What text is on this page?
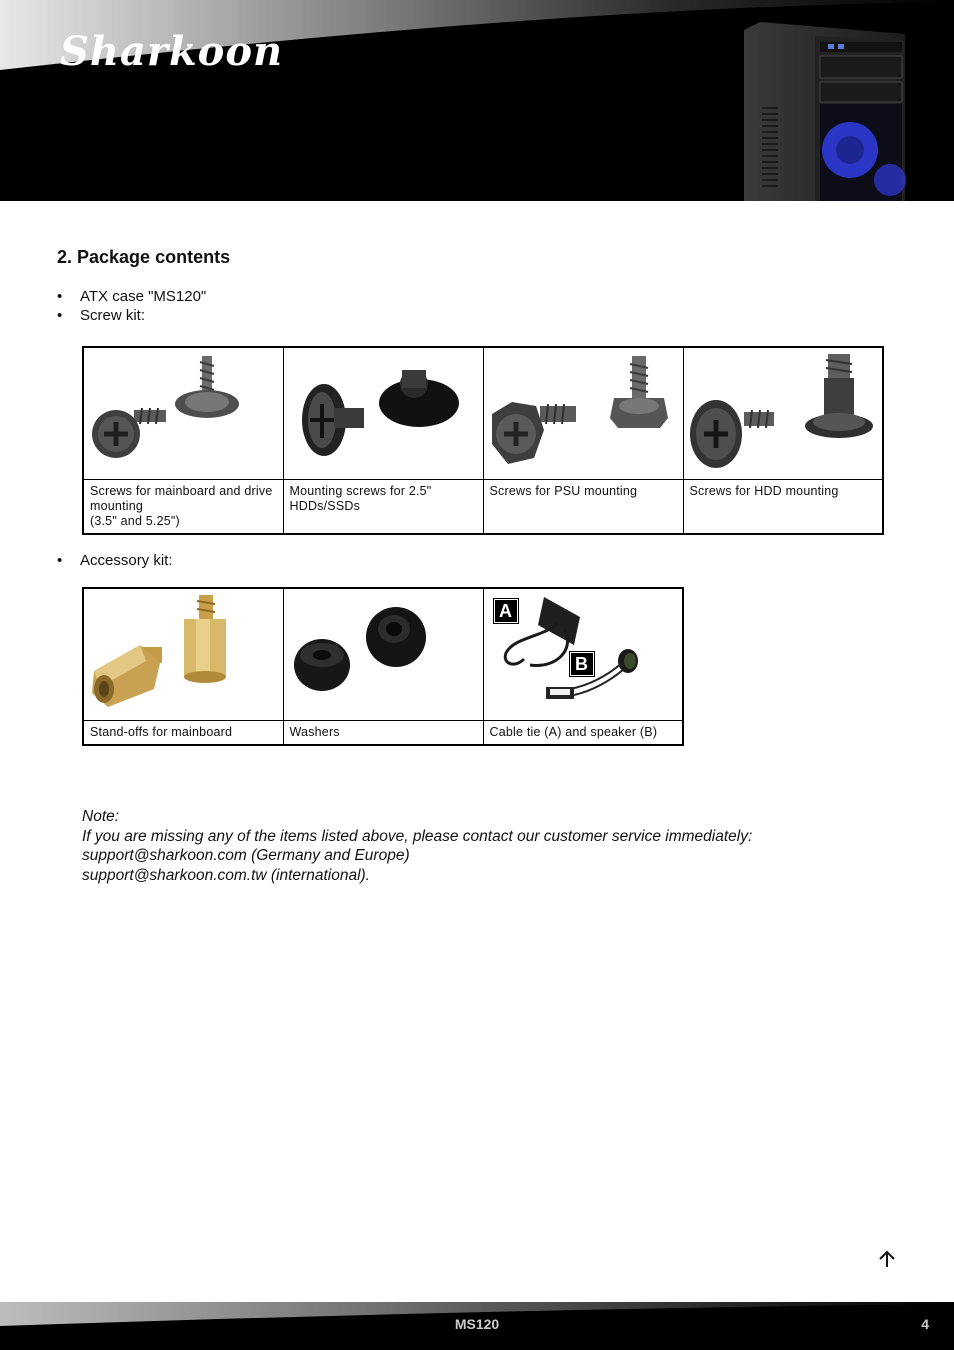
Sharkoon
2. Package contents
• ATX case "MS120"
• Screw kit:

Screws for mainboard and drive mounting
(3.5" and 5.25")	Mounting screws for 2.5" HDDs/SSDs	Screws for PSU mounting	Screws for HDD mounting
• Accessory kit:

A
B

Stand-offs for mainboard	Washers	Cable tie (A) and speaker (B)
Note:
If you are missing any of the items listed above, please contact our customer service immediately:
support@sharkoon.com (Germany and Europe)
support@sharkoon.com.tw (international).
MS120	4
